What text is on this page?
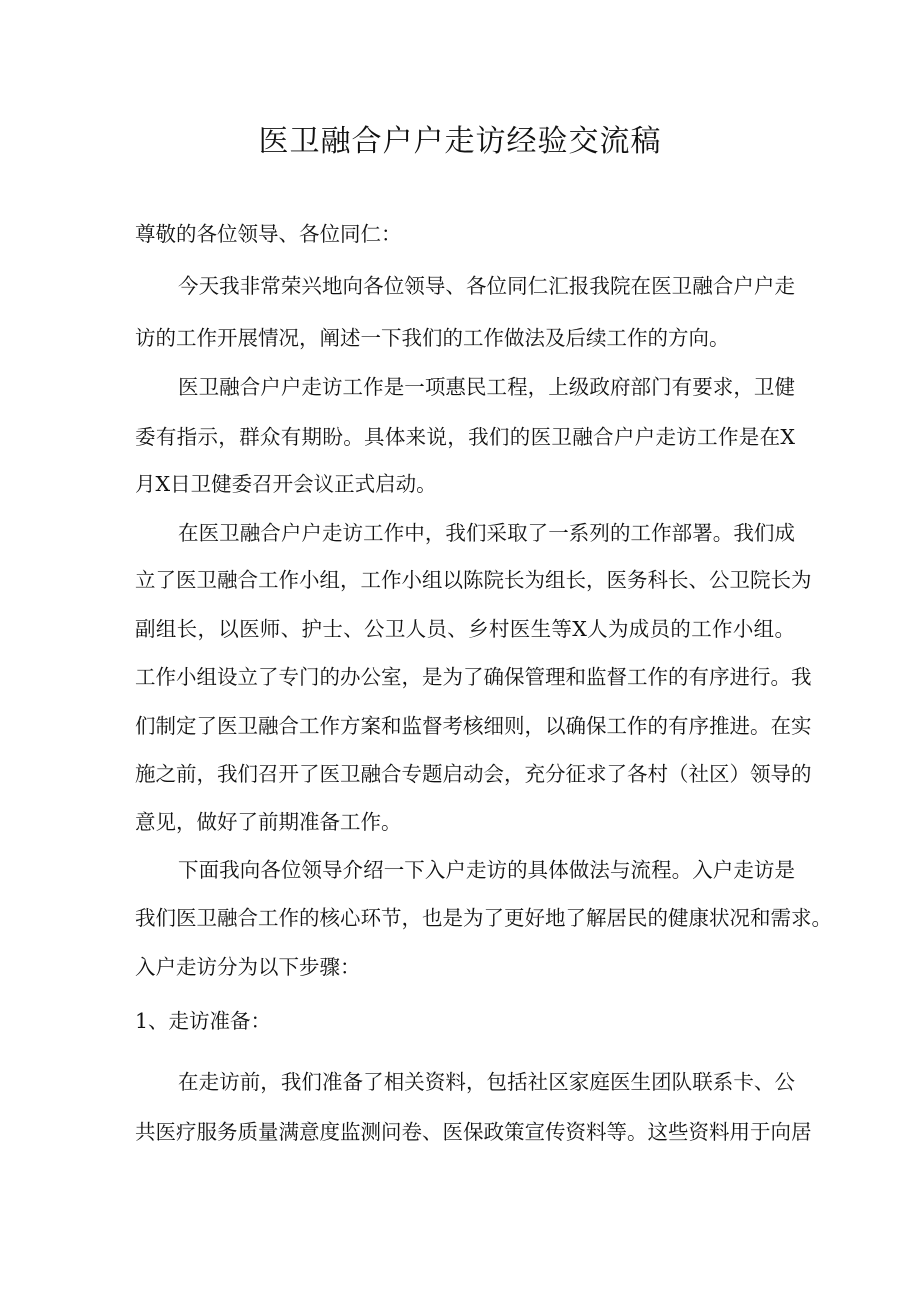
医卫融合户户走访经验交流稿

尊敬的各位领导、各位同仁：

今天我非常荣兴地向各位领导、各位同仁汇报我院在医卫融合户户走

访的工作开展情况，阐述一下我们的工作做法及后续工作的方向。

医卫融合户户走访工作是一项惠民工程，上级政府部门有要求，卫健

委有指示，群众有期盼。具体来说，我们的医卫融合户户走访工作是在X

月X日卫健委召开会议正式启动。

在医卫融合户户走访工作中，我们采取了一系列的工作部署。我们成

立了医卫融合工作小组，工作小组以陈院长为组长，医务科长、公卫院长为

副组长，以医师、护士、公卫人员、乡村医生等X人为成员的工作小组。

工作小组设立了专门的办公室，是为了确保管理和监督工作的有序进行。我

们制定了医卫融合工作方案和监督考核细则，以确保工作的有序推进。在实

施之前，我们召开了医卫融合专题启动会，充分征求了各村（社区）领导的

意见，做好了前期准备工作。

下面我向各位领导介绍一下入户走访的具体做法与流程。入户走访是

我们医卫融合工作的核心环节，也是为了更好地了解居民的健康状况和需求。

入户走访分为以下步骤：

1、走访准备：

在走访前，我们准备了相关资料，包括社区家庭医生团队联系卡、公

共医疗服务质量满意度监测问卷、医保政策宣传资料等。这些资料用于向居
